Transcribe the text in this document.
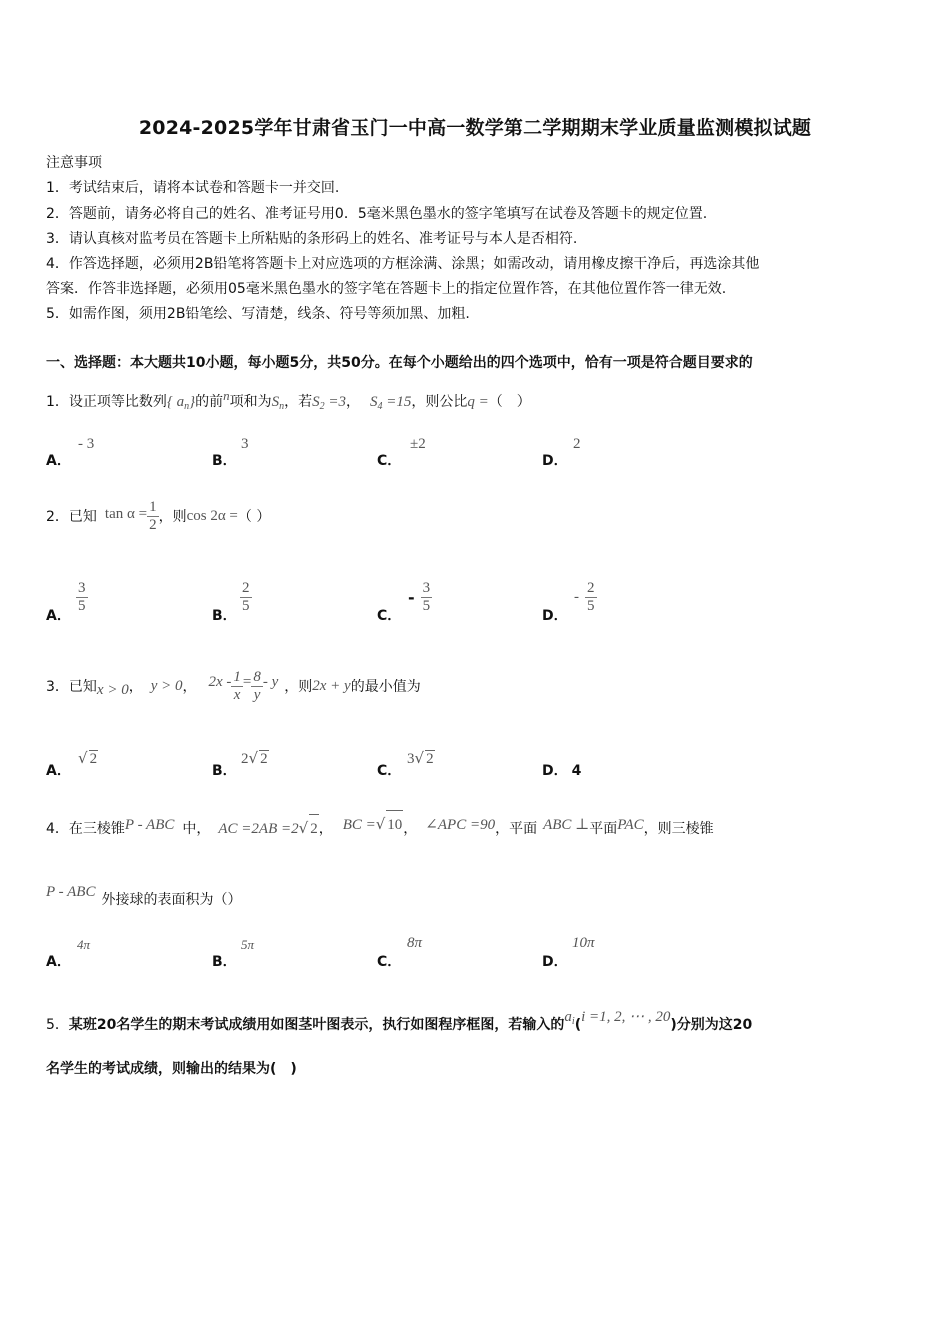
2024-2025学年甘肃省玉门一中高一数学第二学期期末学业质量监测模拟试题
注意事项
1．考试结束后，请将本试卷和答题卡一并交回.
2．答题前，请务必将自己的姓名、准考证号用0．5毫米黑色墨水的签字笔填写在试卷及答题卡的规定位置.
3．请认真核对监考员在答题卡上所粘贴的条形码上的姓名、准考证号与本人是否相符.
4．作答选择题，必须用2B铅笔将答题卡上对应选项的方框涂满、涂黑；如需改动，请用橡皮擦干净后，再选涂其他
答案．作答非选择题，必须用05毫米黑色墨水的签字笔在答题卡上的指定位置作答，在其他位置作答一律无效.
5．如需作图，须用2B铅笔绘、写清楚，线条、符号等须加黑、加粗.
一、选择题：本大题共10小题，每小题5分，共50分。在每个小题给出的四个选项中，恰有一项是符合题目要求的
1．设正项等比数列{ $a_n$}的前n项和为$S_n$，若$S_2 =3$， $S_4 =15$，则公比q =（　）
A．
- 3
B．
3
C．
±2
D．
2
2． 已知 $\tan \alpha = \frac{1}{2}$ ，则 cos 2α = （ ）
A．
$\frac{3}{5}$
B．
$\frac{2}{5}$
C．
- $\frac{3}{5}$
D．
- $\frac{2}{5}$
3． 已知 x > 0 ， y > 0 ， $2x - \frac{1}{x} = \frac{8}{y} - y$ ，则 2x + y 的最小值为
A．
√ 2
B．
2√ 2
C．
3√ 2
D． 4
4．在三棱锥P - ABC 中， AC =2AB =2√ 2， BC =√ 10， ∠APC =90，平面 ABC ⊥平面PAC，则三棱锥
P - ABC 外接球的表面积为（）
A．
4π
B．
5π
C．
8π
D．
10π
5．某班20名学生的期末考试成绩用如图茎叶图表示，执行如图程序框图，若输入的$a_i(i =1$, 2, ⋯ , 20)分别为这20
名学生的考试成绩，则输出的结果为(　)
